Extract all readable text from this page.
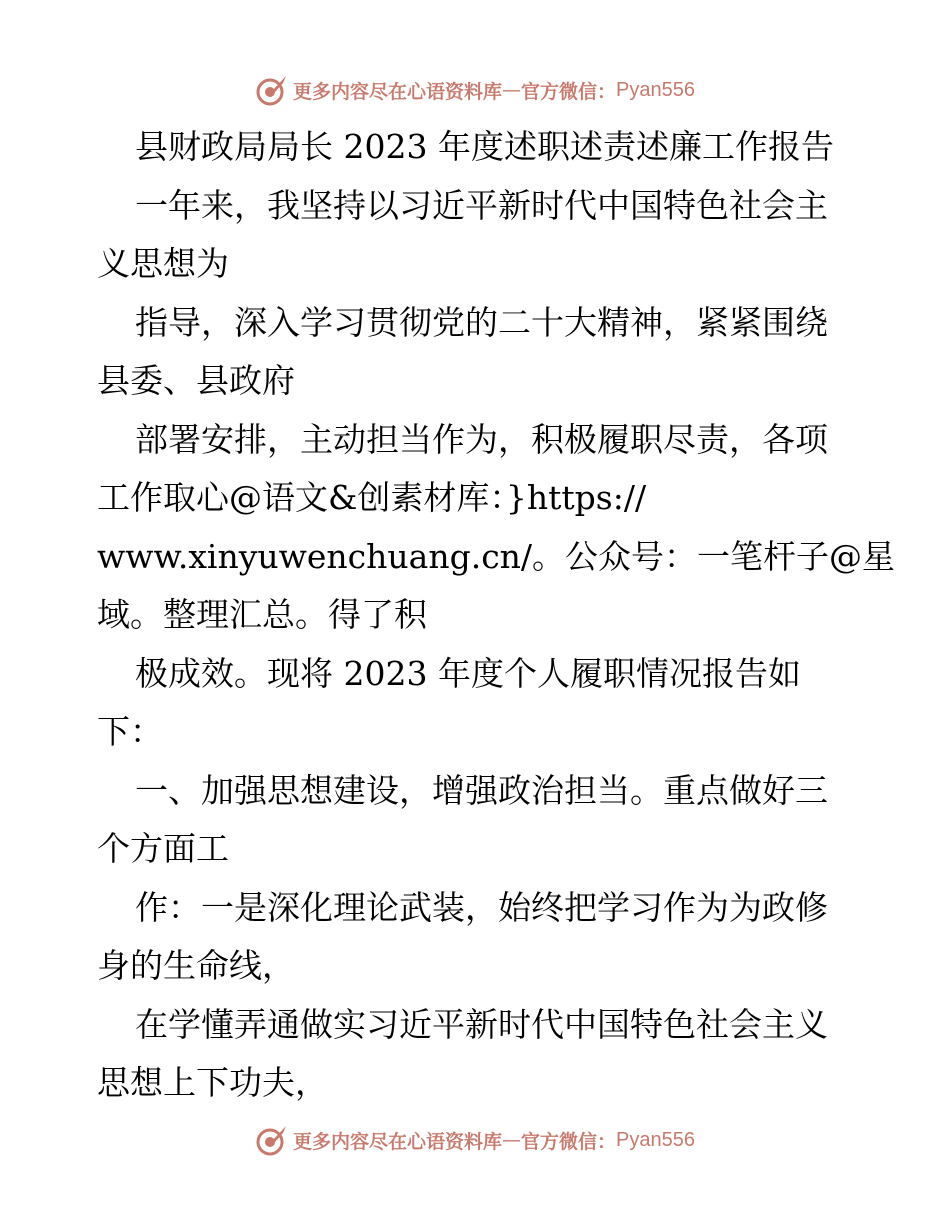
更多内容尽在心语资料库 — 官方微信： Pyan556
县财政局局长 2023 年度述职述责述廉工作报告
一年来，我坚持以习近平新时代中国特色社会主
义思想为
指导，深入学习贯彻党的二十大精神，紧紧围绕
县委、县政府
部署安排，主动担当作为，积极履职尽责，各项
工作取心@语文&创素材库：}https://
www.xinyuwenchuang.cn/。公众号：一笔杆子@星
域。整理汇总。得了积
极成效。现将 2023 年度个人履职情况报告如
下：
一、加强思想建设，增强政治担当。重点做好三
个方面工
作：一是深化理论武装，始终把学习作为为政修
身的生命线，
在学懂弄通做实习近平新时代中国特色社会主义
思想上下功夫，
更多内容尽在心语资料库 — 官方微信： Pyan556
